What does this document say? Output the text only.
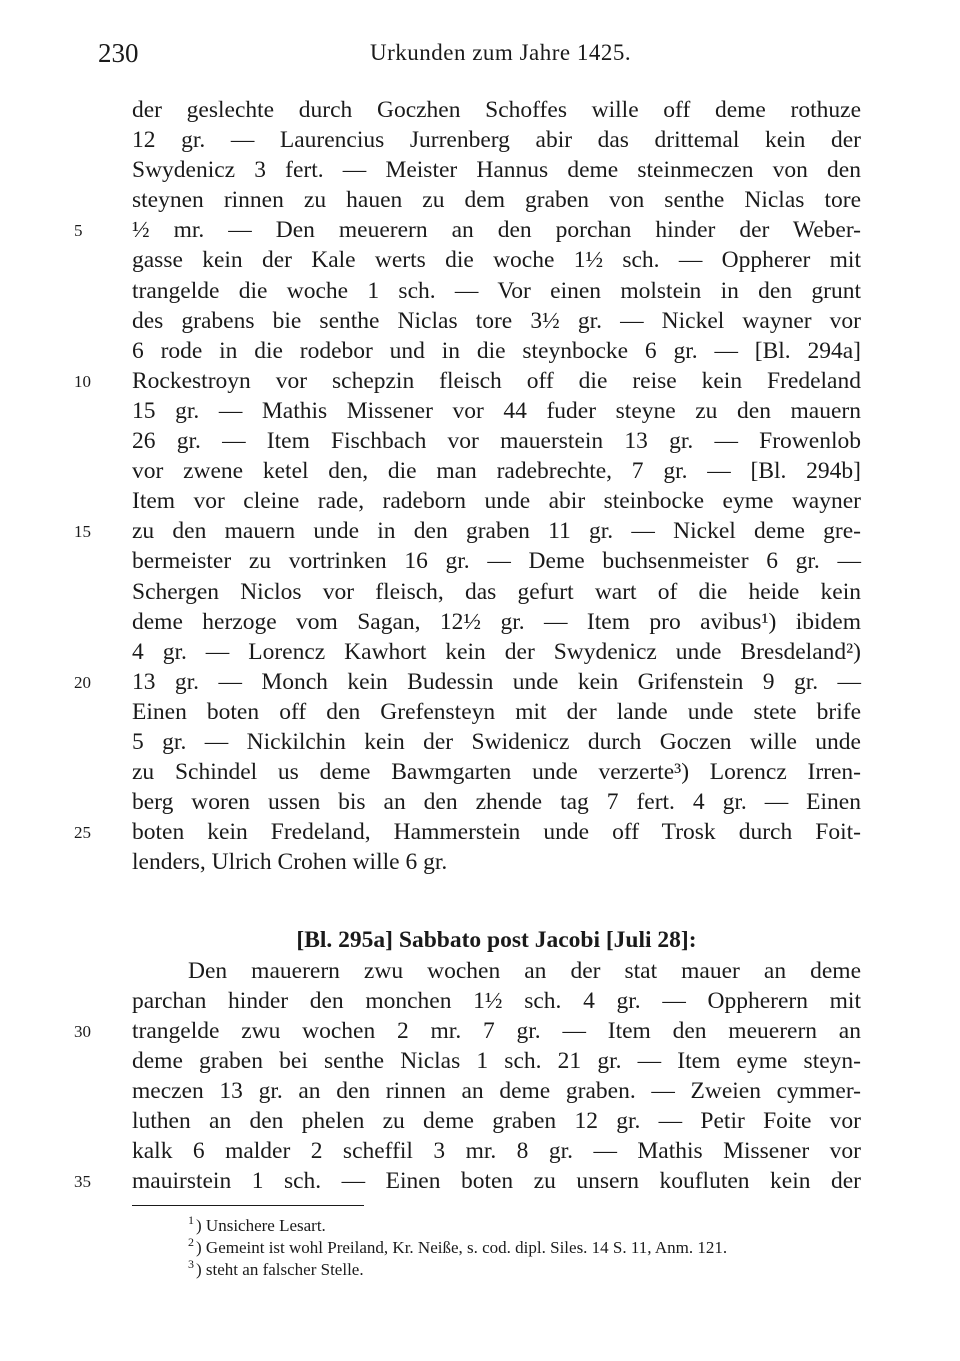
230	Urkunden zum Jahre 1425.
der geslechte durch Goczhen Schoffes wille off deme rothuze
12 gr. — Laurencius Jurrenberg abir das drittemal kein der
Swydenicz 3 fert. — Meister Hannus deme steinmeczen von den
steynen rinnen zu hauen zu dem graben von senthe Niclas tore
5	½ mr. — Den meuerern an den porchan hinder der Weber-
gasse kein der Kale werts die woche 1½ sch. — Oppherer mit
trangelde die woche 1 sch. — Vor einen molstein in den grunt
des grabens bie senthe Niclas tore 3½ gr. — Nickel wayner vor
6 rode in die rodebor und in die steynbocke 6 gr. — [Bl. 294a]
10	Rockestroyn vor schepzin fleisch off die reise kein Fredeland
15 gr. — Mathis Missener vor 44 fuder steyne zu den mauern
26 gr. — Item Fischbach vor mauerstein 13 gr. — Frowenlob
vor zwene ketel den, die man radebrechte, 7 gr. — [Bl. 294b]
Item vor cleine rade, radeborn unde abir steinbocke eyme wayner
15	zu den mauern unde in den graben 11 gr. — Nickel deme gre-
bermeister zu vortrinken 16 gr. — Deme buchsenmeister 6 gr. —
Schergen Niclos vor fleisch, das gefurt wart of die heide kein
deme herzoge vom Sagan, 12½ gr. — Item pro avibus¹) ibidem
4 gr. — Lorencz Kawhort kein der Swydenicz unde Bresdeland²)
20	13 gr. — Monch kein Budessin unde kein Grifenstein 9 gr. —
Einen boten off den Grefensteyn mit der lande unde stete brife
5 gr. — Nickilchin kein der Swidenicz durch Goczen wille unde
zu Schindel us deme Bawmgarten unde verzerte³) Lorencz Irren-
berg woren ussen bis an den zhende tag 7 fert. 4 gr. — Einen
25	boten kein Fredeland, Hammerstein unde off Trosk durch Foit-
lenders, Ulrich Crohen wille 6 gr.
[Bl. 295a] Sabbato post Jacobi [Juli 28]:
Den mauerern zwu wochen an der stat mauer an deme
parchan hinder den monchen 1½ sch. 4 gr. — Oppherern mit
30	trangelde zwu wochen 2 mr. 7 gr. — Item den meuerern an
deme graben bei senthe Niclas 1 sch. 21 gr. — Item eyme steyn-
meczen 13 gr. an den rinnen an deme graben. — Zweien cymmer-
luthen an den phelen zu deme graben 12 gr. — Petir Foite vor
kalk 6 malder 2 scheffil 3 mr. 8 gr. — Mathis Missener vor
35	mauirstein 1 sch. — Einen boten zu unsern koufluten kein der
$^1$ ) Unsichere Lesart.
$^2$ ) Gemeint ist wohl Preiland, Kr. Neiße, s. cod. dipl. Siles. 14 S. 11, Anm. 121.
$^3$ ) steht an falscher Stelle.
